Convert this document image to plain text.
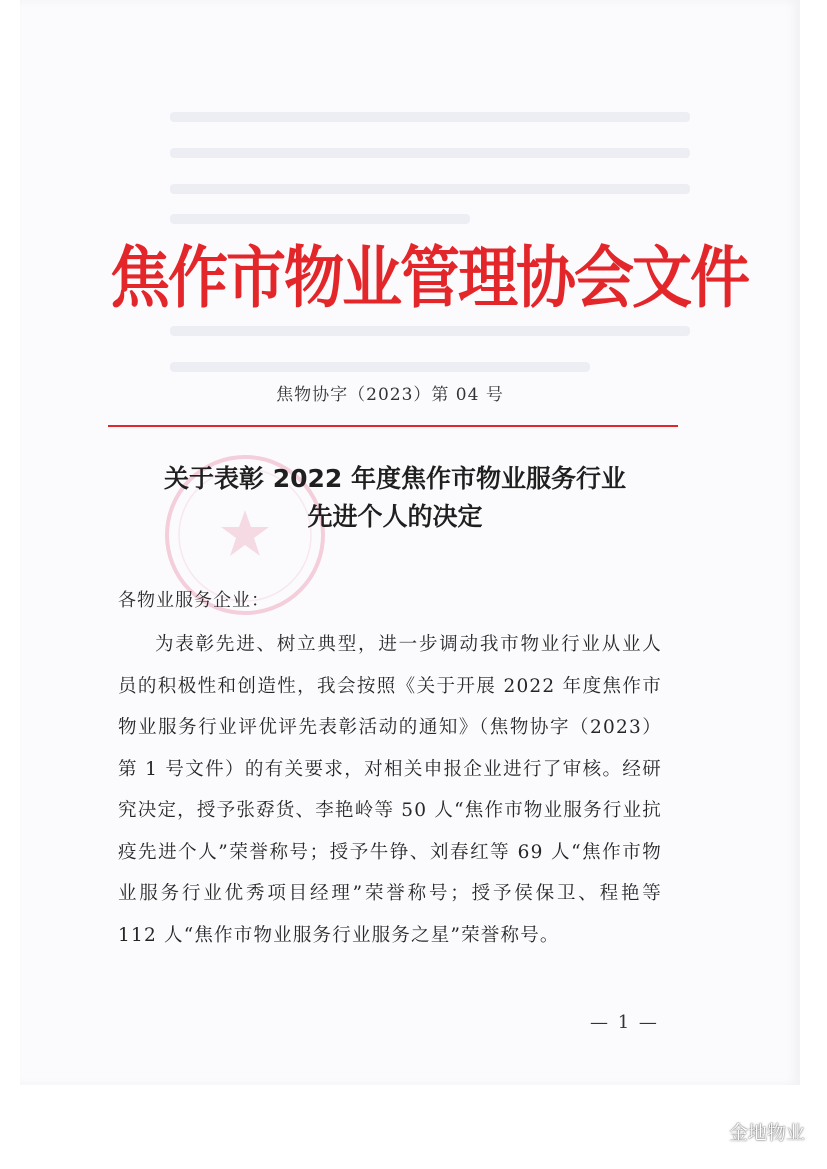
焦作市物业管理协会文件
焦物协字（2023）第 04 号
关于表彰 2022 年度焦作市物业服务行业
先进个人的决定
各物业服务企业：

为表彰先进、树立典型，进一步调动我市物业行业从业人员的积极性和创造性，我会按照《关于开展 2022 年度焦作市物业服务行业评优评先表彰活动的通知》（焦物协字（2023）第 1 号文件）的有关要求，对相关申报企业进行了审核。经研究决定，授予张孬货、李艳岭等 50 人“焦作市物业服务行业抗疫先进个人”荣誉称号；授予牛铮、刘春红等 69 人“焦作市物业服务行业优秀项目经理”荣誉称号；授予侯保卫、程艳等 112 人“焦作市物业服务行业服务之星”荣誉称号。

— 1 —
金地物业
